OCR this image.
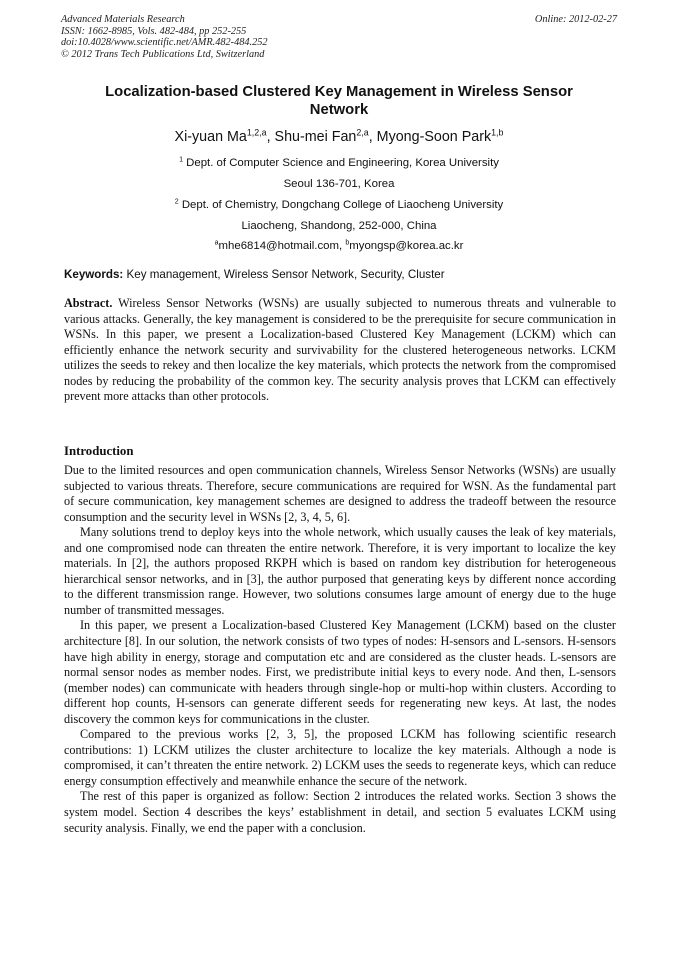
Advanced Materials Research
ISSN: 1662-8985, Vols. 482-484, pp 252-255
doi:10.4028/www.scientific.net/AMR.482-484.252
© 2012 Trans Tech Publications Ltd, Switzerland
Online: 2012-02-27
Localization-based Clustered Key Management in Wireless Sensor Network
Xi-yuan Ma$^{1,2,a}$, Shu-mei Fan$^{2,a}$, Myong-Soon Park$^{1,b}$
$^1$ Dept. of Computer Science and Engineering, Korea University
Seoul 136-701, Korea
$^2$ Dept. of Chemistry, Dongchang College of Liaocheng University
Liaocheng, Shandong, 252-000, China
$^a$mhe6814@hotmail.com, $^b$myongsp@korea.ac.kr
Keywords: Key management, Wireless Sensor Network, Security, Cluster

Abstract. Wireless Sensor Networks (WSNs) are usually subjected to numerous threats and vulnerable to various attacks. Generally, the key management is considered to be the prerequisite for secure communication in WSNs. In this paper, we present a Localization-based Clustered Key Management (LCKM) which can efficiently enhance the network security and survivability for the clustered heterogeneous networks. LCKM utilizes the seeds to rekey and then localize the key materials, which protects the network from the compromised nodes by reducing the probability of the common key. The security analysis proves that LCKM can effectively prevent more attacks than other protocols.

Introduction

Due to the limited resources and open communication channels, Wireless Sensor Networks (WSNs) are usually subjected to various threats. Therefore, secure communications are required for WSN. As the fundamental part of secure communication, key management schemes are designed to address the tradeoff between the resource consumption and the security level in WSNs [2, 3, 4, 5, 6].

Many solutions trend to deploy keys into the whole network, which usually causes the leak of key materials, and one compromised node can threaten the entire network. Therefore, it is very important to localize the key materials. In [2], the authors proposed RKPH which is based on random key distribution for heterogeneous hierarchical sensor networks, and in [3], the author purposed that generating keys by different nonce according to the different transmission range. However, two solutions consumes large amount of energy due to the huge number of transmitted messages.

In this paper, we present a Localization-based Clustered Key Management (LCKM) based on the cluster architecture [8]. In our solution, the network consists of two types of nodes: H-sensors and L-sensors. H-sensors have high ability in energy, storage and computation etc and are considered as the cluster heads. L-sensors are normal sensor nodes as member nodes. First, we predistribute initial keys to every node. And then, L-sensors (member nodes) can communicate with headers through single-hop or multi-hop within clusters. According to different hop counts, H-sensors can generate different seeds for regenerating new keys. At last, the nodes discovery the common keys for communications in the cluster.

Compared to the previous works [2, 3, 5], the proposed LCKM has following scientific research contributions: 1) LCKM utilizes the cluster architecture to localize the key materials. Although a node is compromised, it can’t threaten the entire network. 2) LCKM uses the seeds to regenerate keys, which can reduce energy consumption effectively and meanwhile enhance the secure of the network.

The rest of this paper is organized as follow: Section 2 introduces the related works. Section 3 shows the system model. Section 4 describes the keys’ establishment in detail, and section 5 evaluates LCKM using security analysis. Finally, we end the paper with a conclusion.
